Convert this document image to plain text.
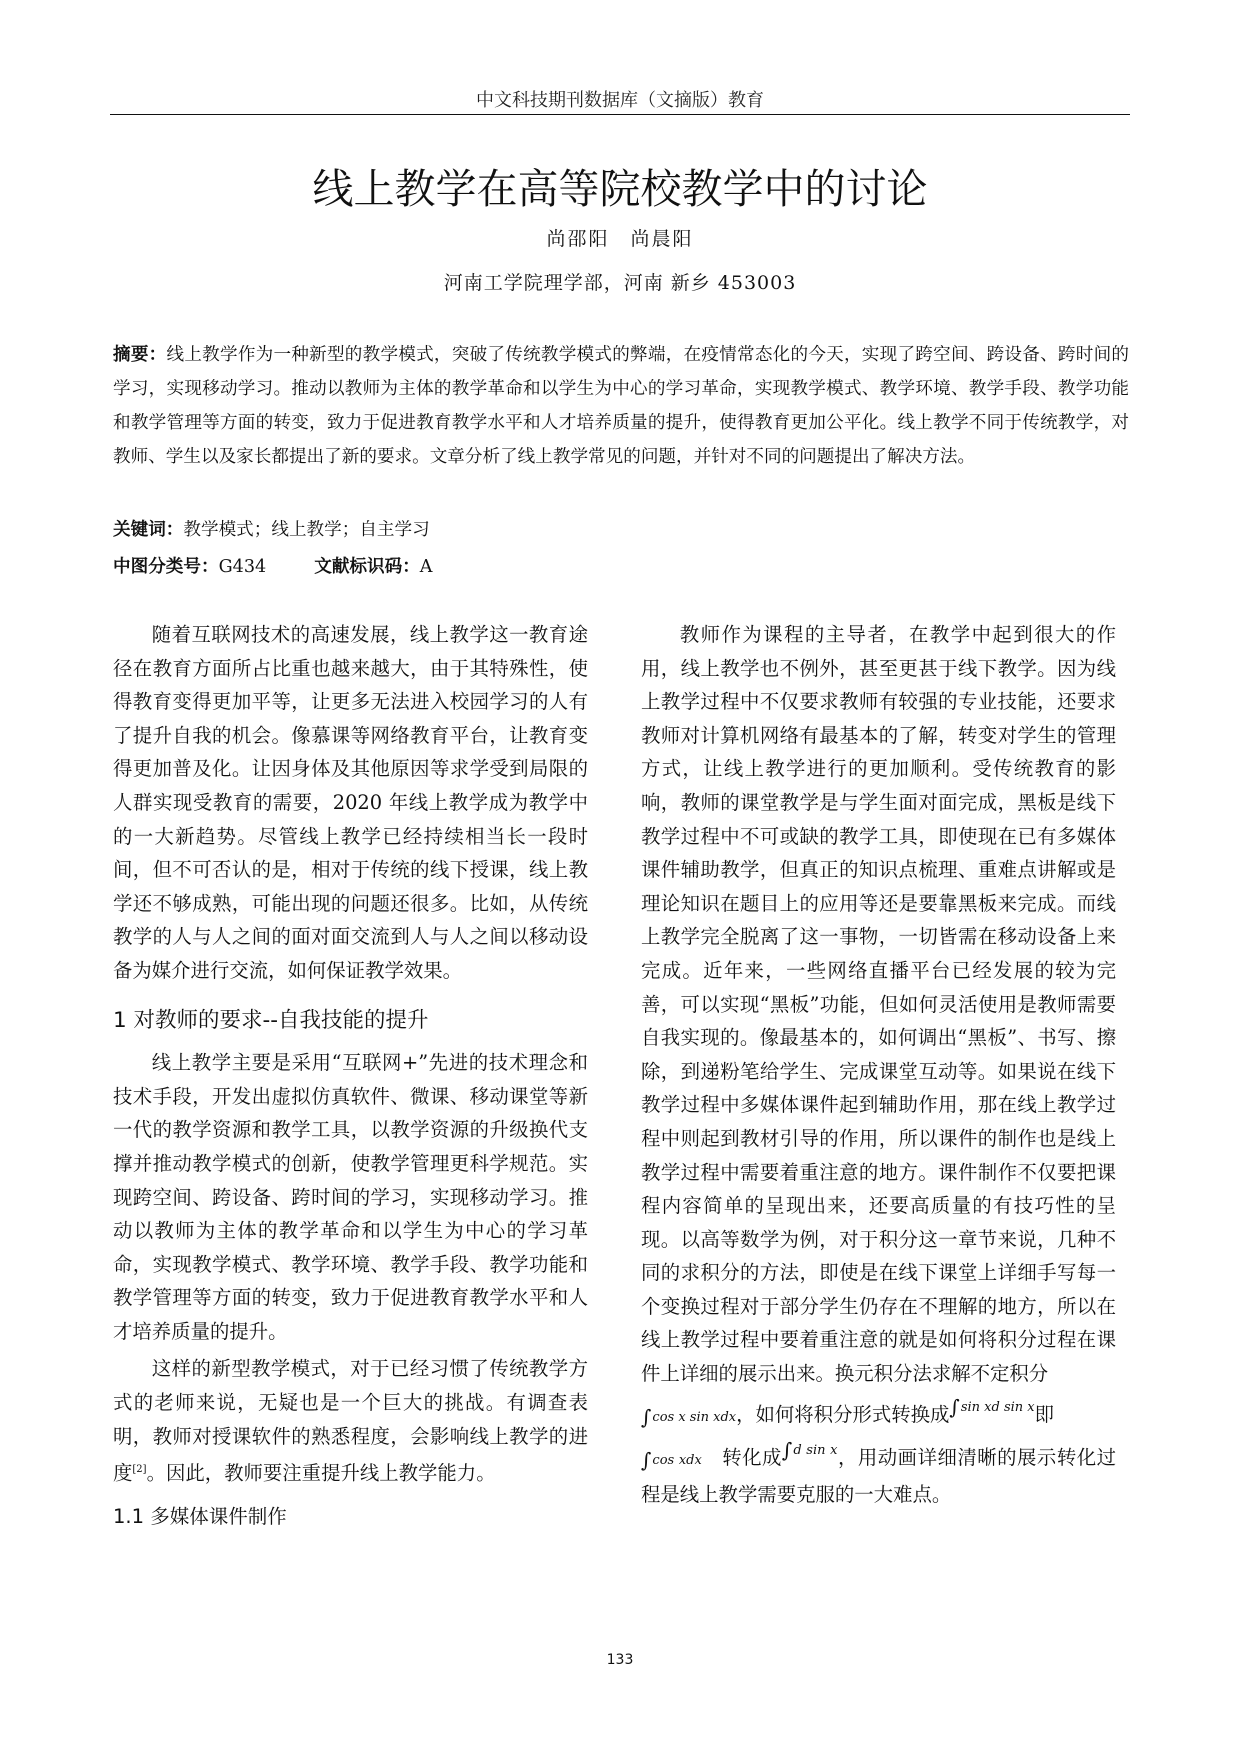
中文科技期刊数据库（文摘版）教育
线上教学在高等院校教学中的讨论
尚邵阳　尚晨阳
河南工学院理学部，河南 新乡 453003

摘要：线上教学作为一种新型的教学模式，突破了传统教学模式的弊端，在疫情常态化的今天，实现了跨空间、跨设备、跨时间的学习，实现移动学习。推动以教师为主体的教学革命和以学生为中心的学习革命，实现教学模式、教学环境、教学手段、教学功能和教学管理等方面的转变，致力于促进教育教学水平和人才培养质量的提升，使得教育更加公平化。线上教学不同于传统教学，对教师、学生以及家长都提出了新的要求。文章分析了线上教学常见的问题，并针对不同的问题提出了解决方法。

关键词：教学模式；线上教学；自主学习
中图分类号：G434	文献标识码：A

随着互联网技术的高速发展，线上教学这一教育途径在教育方面所占比重也越来越大，由于其特殊性，使得教育变得更加平等，让更多无法进入校园学习的人有了提升自我的机会。像慕课等网络教育平台，让教育变得更加普及化。让因身体及其他原因等求学受到局限的人群实现受教育的需要，2020 年线上教学成为教学中的一大新趋势。尽管线上教学已经持续相当长一段时间，但不可否认的是，相对于传统的线下授课，线上教学还不够成熟，可能出现的问题还很多。比如，从传统教学的人与人之间的面对面交流到人与人之间以移动设备为媒介进行交流，如何保证教学效果。

1 对教师的要求--自我技能的提升

线上教学主要是采用“互联网+”先进的技术理念和技术手段，开发出虚拟仿真软件、微课、移动课堂等新一代的教学资源和教学工具，以教学资源的升级换代支撑并推动教学模式的创新，使教学管理更科学规范。实现跨空间、跨设备、跨时间的学习，实现移动学习。推动以教师为主体的教学革命和以学生为中心的学习革命，实现教学模式、教学环境、教学手段、教学功能和教学管理等方面的转变，致力于促进教育教学水平和人才培养质量的提升。

这样的新型教学模式，对于已经习惯了传统教学方式的老师来说，无疑也是一个巨大的挑战。有调查表明，教师对授课软件的熟悉程度，会影响线上教学的进度[2]。因此，教师要注重提升线上教学能力。

1.1 多媒体课件制作

教师作为课程的主导者，在教学中起到很大的作用，线上教学也不例外，甚至更甚于线下教学。因为线上教学过程中不仅要求教师有较强的专业技能，还要求教师对计算机网络有最基本的了解，转变对学生的管理方式，让线上教学进行的更加顺利。受传统教育的影响，教师的课堂教学是与学生面对面完成，黑板是线下教学过程中不可或缺的教学工具，即使现在已有多媒体课件辅助教学，但真正的知识点梳理、重难点讲解或是理论知识在题目上的应用等还是要靠黑板来完成。而线上教学完全脱离了这一事物，一切皆需在移动设备上来完成。近年来，一些网络直播平台已经发展的较为完善，可以实现“黑板”功能，但如何灵活使用是教师需要自我实现的。像最基本的，如何调出“黑板”、书写、擦除，到递粉笔给学生、完成课堂互动等。如果说在线下教学过程中多媒体课件起到辅助作用，那在线上教学过程中则起到教材引导的作用，所以课件的制作也是线上教学过程中需要着重注意的地方。课件制作不仅要把课程内容简单的呈现出来，还要高质量的有技巧性的呈现。以高等数学为例，对于积分这一章节来说，几种不同的求积分的方法，即使是在线下课堂上详细手写每一个变换过程对于部分学生仍存在不理解的地方，所以在线上教学过程中要着重注意的就是如何将积分过程在课件上详细的展示出来。换元积分法求解不定积分
∫cos x sin xdx，如何将积分形式转换成$^{\int sin xd sin x}$即
∫cos xdx　 转化成$^{\int d sin x}$，用动画详细清晰的展示转化过程是线上教学需要克服的一大难点。

133
